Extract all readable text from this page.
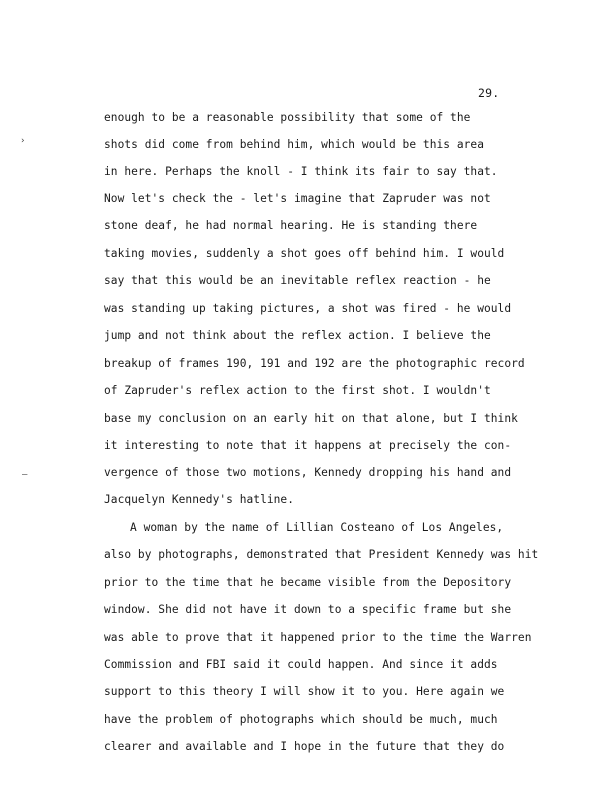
29.
›
–
enough to be a reasonable possibility that some of the
shots did come from behind him, which would be this area
in here. Perhaps the knoll - I think its fair to say that.
Now let's check the - let's imagine that Zapruder was not
stone deaf, he had normal hearing. He is standing there
taking movies, suddenly a shot goes off behind him. I would
say that this would be an inevitable reflex reaction - he
was standing up taking pictures, a shot was fired - he would
jump and not think about the reflex action. I believe the
breakup of frames 190, 191 and 192 are the photographic record
of Zapruder's reflex action to the first shot. I wouldn't
base my conclusion on an early hit on that alone, but I think
it interesting to note that it happens at precisely the con-
vergence of those two motions, Kennedy dropping his hand and
Jacquelyn Kennedy's hatline.
A woman by the name of Lillian Costeano of Los Angeles,
also by photographs, demonstrated that President Kennedy was hit
prior to the time that he became visible from the Depository
window. She did not have it down to a specific frame but she
was able to prove that it happened prior to the time the Warren
Commission and FBI said it could happen. And since it adds
support to this theory I will show it to you. Here again we
have the problem of photographs which should be much, much
clearer and available and I hope in the future that they do
